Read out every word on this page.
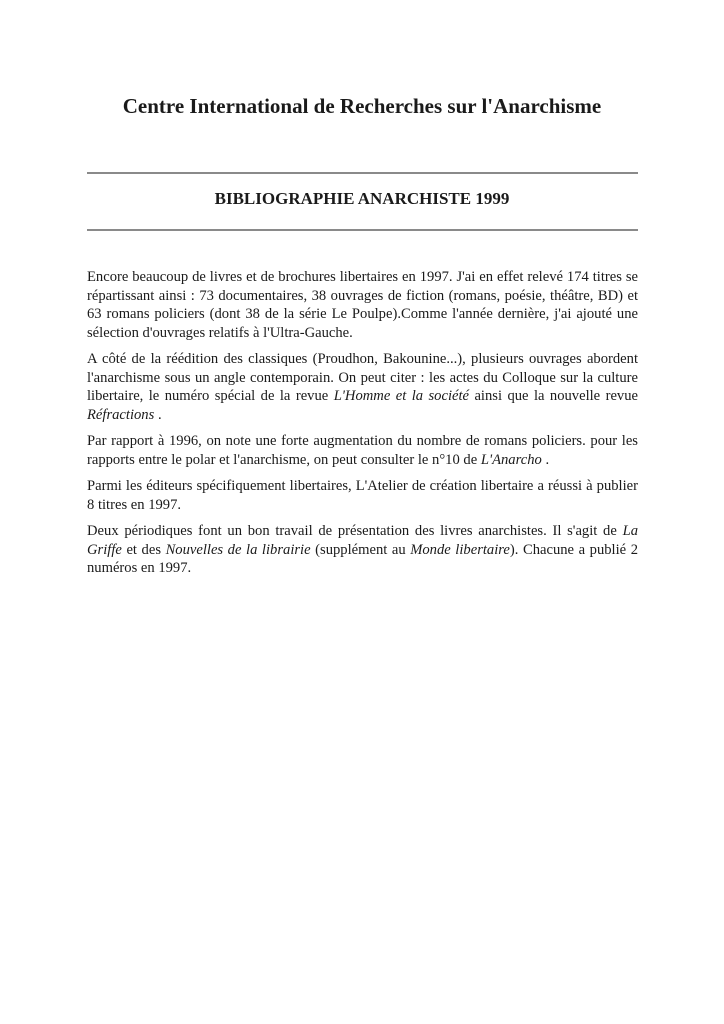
Centre International de Recherches sur l'Anarchisme
BIBLIOGRAPHIE ANARCHISTE 1999

Encore beaucoup de livres et de brochures libertaires en 1997. J'ai en effet relevé 174 titres se répartissant ainsi : 73 documentaires, 38 ouvrages de fiction (romans, poésie, théâtre, BD) et 63 romans policiers (dont 38 de la série Le Poulpe).Comme l'année dernière, j'ai ajouté une sélection d'ouvrages relatifs à l'Ultra-Gauche.

A côté de la réédition des classiques (Proudhon, Bakounine...), plusieurs ouvrages abordent l'anarchisme sous un angle contemporain. On peut citer : les actes du Colloque sur la culture libertaire, le numéro spécial de la revue L'Homme et la société ainsi que la nouvelle revue Réfractions .

Par rapport à 1996, on note une forte augmentation du nombre de romans policiers. pour les rapports entre le polar et l'anarchisme, on peut consulter le n°10 de L'Anarcho .

Parmi les éditeurs spécifiquement libertaires, L'Atelier de création libertaire a réussi à publier 8 titres en 1997.

Deux périodiques font un bon travail de présentation des livres anarchistes. Il s'agit de La Griffe et des Nouvelles de la librairie (supplément au Monde libertaire). Chacune a publié 2 numéros en 1997.
